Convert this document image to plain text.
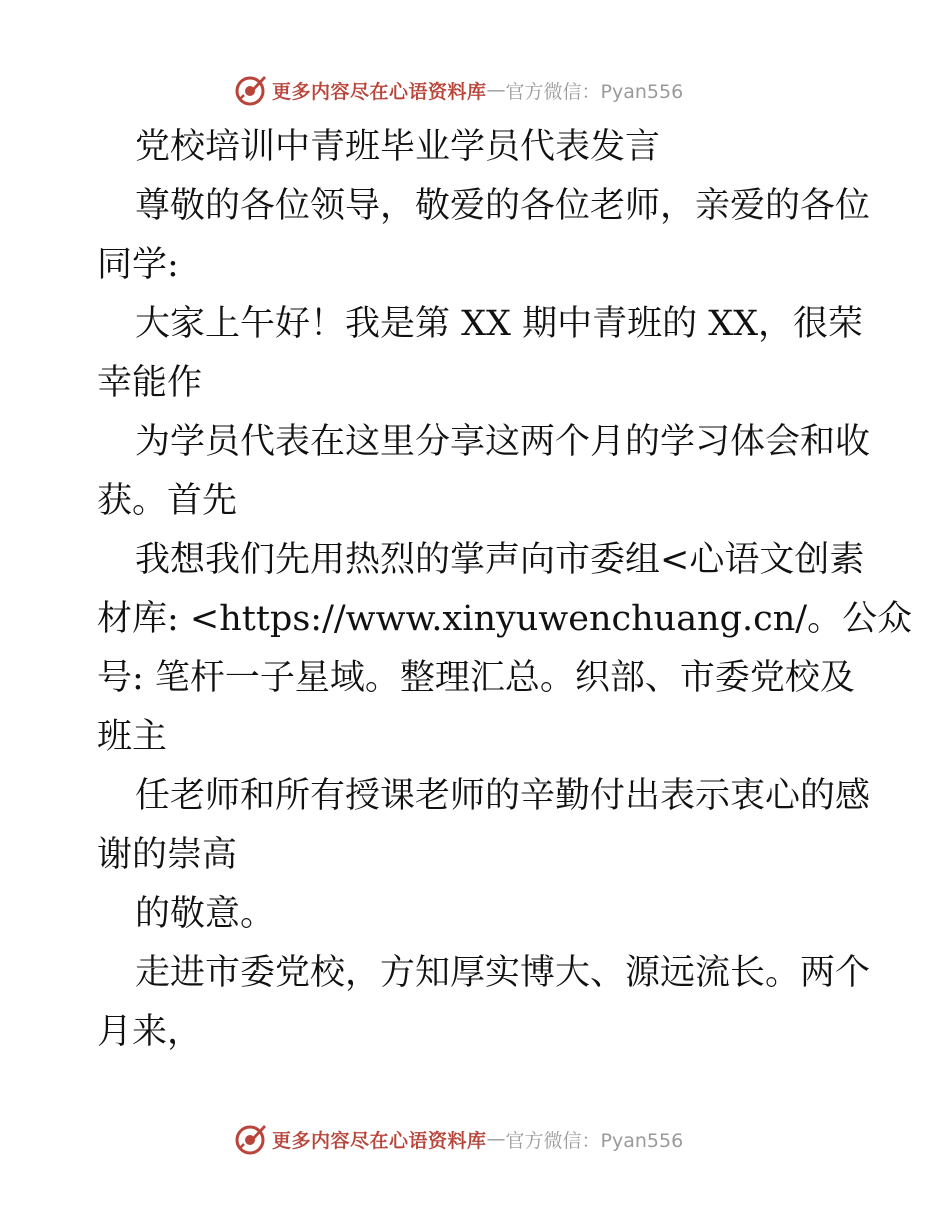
更多内容尽在心语资料库 — 官方微信：Pyan556
党校培训中青班毕业学员代表发言
尊敬的各位领导，敬爱的各位老师，亲爱的各位
同学:
大家上午好！我是第 XX 期中青班的 XX，很荣
幸能作
为学员代表在这里分享这两个月的学习体会和收
获。首先
我想我们先用热烈的掌声向市委组<心语文创素
材库: <https://www.xinyuwenchuang.cn/。公众
号: 笔杆一子星域。整理汇总。织部、市委党校及
班主
任老师和所有授课老师的辛勤付出表示衷心的感
谢的崇高
的敬意。
走进市委党校，方知厚实博大、源远流长。两个
月来，
更多内容尽在心语资料库 — 官方微信：Pyan556
